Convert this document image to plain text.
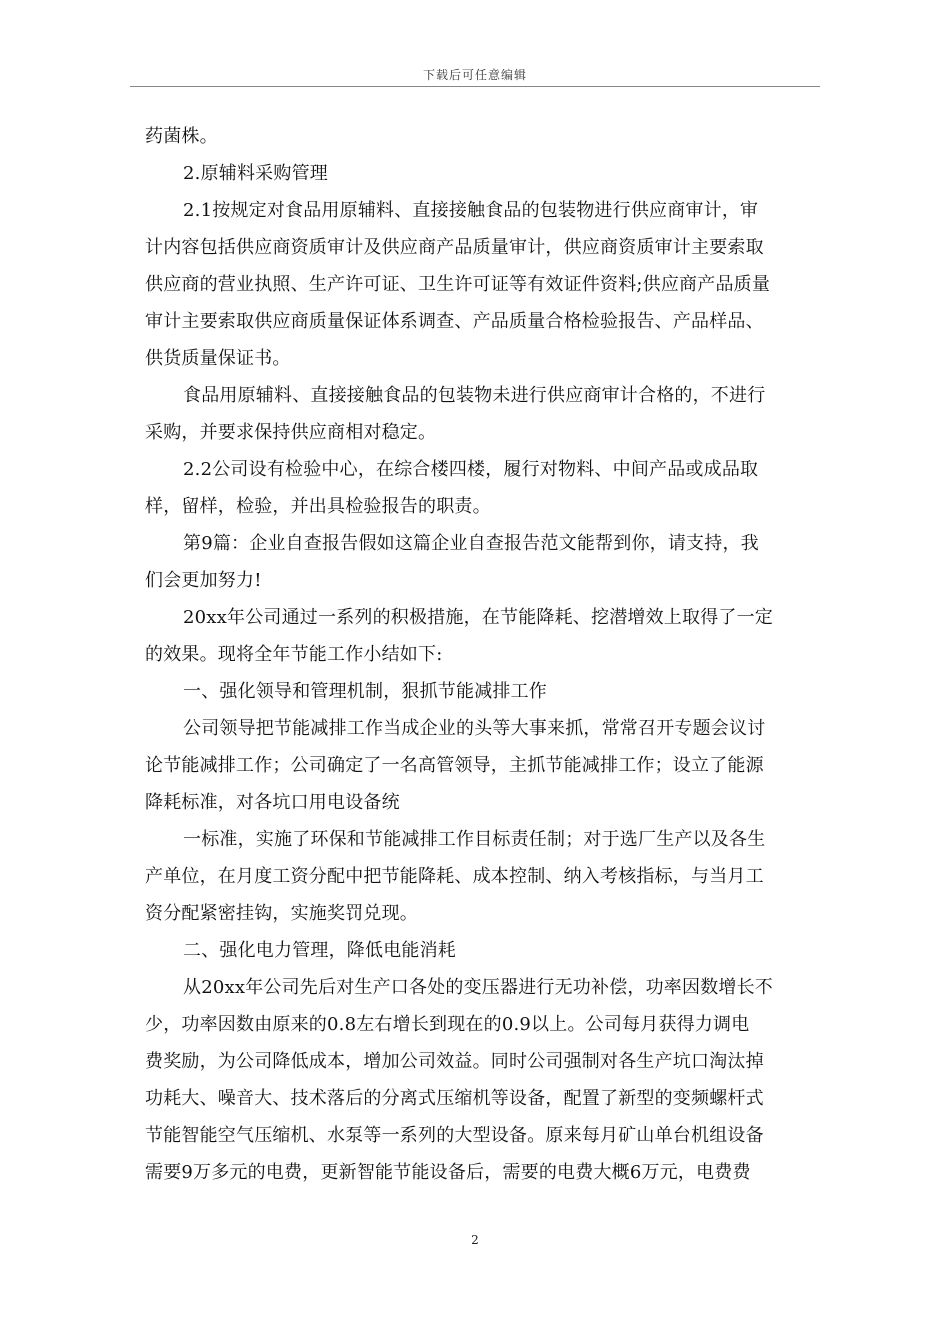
下载后可任意编辑
药菌株。
2.原辅料采购管理
2.1按规定对食品用原辅料、直接接触食品的包装物进行供应商审计，审
计内容包括供应商资质审计及供应商产品质量审计，供应商资质审计主要索取
供应商的营业执照、生产许可证、卫生许可证等有效证件资料;供应商产品质量
审计主要索取供应商质量保证体系调查、产品质量合格检验报告、产品样品、
供货质量保证书。
食品用原辅料、直接接触食品的包装物未进行供应商审计合格的，不进行
采购，并要求保持供应商相对稳定。
2.2公司设有检验中心，在综合楼四楼，履行对物料、中间产品或成品取
样，留样，检验，并出具检验报告的职责。
第9篇：企业自查报告假如这篇企业自查报告范文能帮到你，请支持，我
们会更加努力!
20xx年公司通过一系列的积极措施，在节能降耗、挖潜增效上取得了一定
的效果。现将全年节能工作小结如下:
一、强化领导和管理机制，狠抓节能减排工作
公司领导把节能减排工作当成企业的头等大事来抓，常常召开专题会议讨
论节能减排工作；公司确定了一名高管领导，主抓节能减排工作；设立了能源
降耗标准，对各坑口用电设备统
一标准，实施了环保和节能减排工作目标责任制；对于选厂生产以及各生
产单位，在月度工资分配中把节能降耗、成本控制、纳入考核指标，与当月工
资分配紧密挂钩，实施奖罚兑现。
二、强化电力管理，降低电能消耗
从20xx年公司先后对生产口各处的变压器进行无功补偿，功率因数增长不
少，功率因数由原来的0.8左右增长到现在的0.9以上。公司每月获得力调电
费奖励，为公司降低成本，增加公司效益。同时公司强制对各生产坑口淘汰掉
功耗大、噪音大、技术落后的分离式压缩机等设备，配置了新型的变频螺杆式
节能智能空气压缩机、水泵等一系列的大型设备。原来每月矿山单台机组设备
需要9万多元的电费，更新智能节能设备后，需要的电费大概6万元，电费费
2
